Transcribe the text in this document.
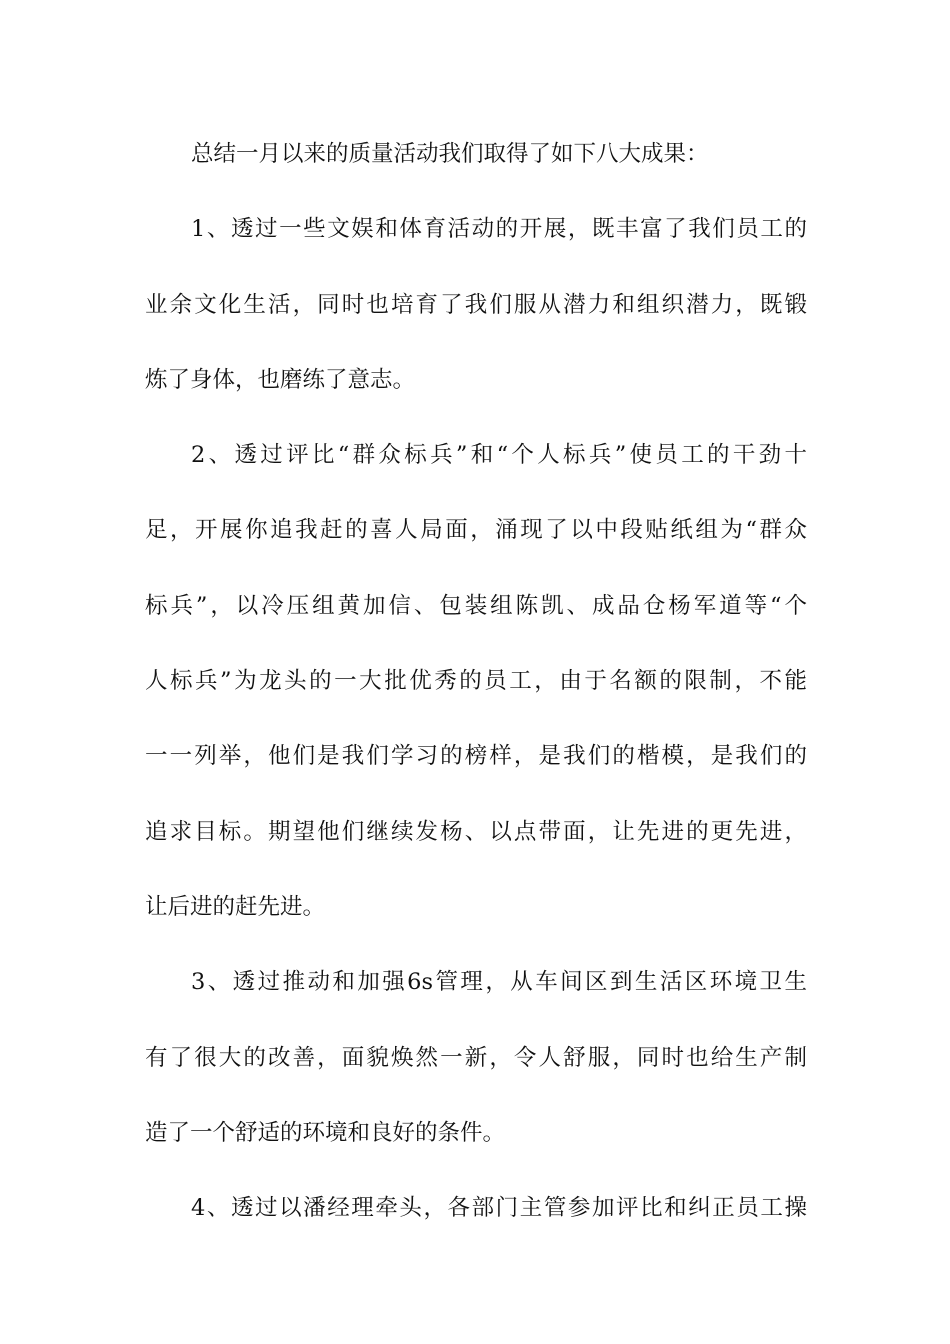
总结一月以来的质量活动我们取得了如下八大成果：
1、透过一些文娱和体育活动的开展，既丰富了我们员工的
业余文化生活，同时也培育了我们服从潜力和组织潜力，既锻
炼了身体，也磨练了意志。
2、透过评比“群众标兵”和“个人标兵”使员工的干劲十
足，开展你追我赶的喜人局面，涌现了以中段贴纸组为“群众
标兵”，以冷压组黄加信、包装组陈凯、成品仓杨军道等“个
人标兵”为龙头的一大批优秀的员工，由于名额的限制，不能
一一列举，他们是我们学习的榜样，是我们的楷模，是我们的
追求目标。期望他们继续发杨、以点带面，让先进的更先进，
让后进的赶先进。
3、透过推动和加强6s管理，从车间区到生活区环境卫生
有了很大的改善，面貌焕然一新，令人舒服，同时也给生产制
造了一个舒适的环境和良好的条件。
4、透过以潘经理牵头，各部门主管参加评比和纠正员工操
